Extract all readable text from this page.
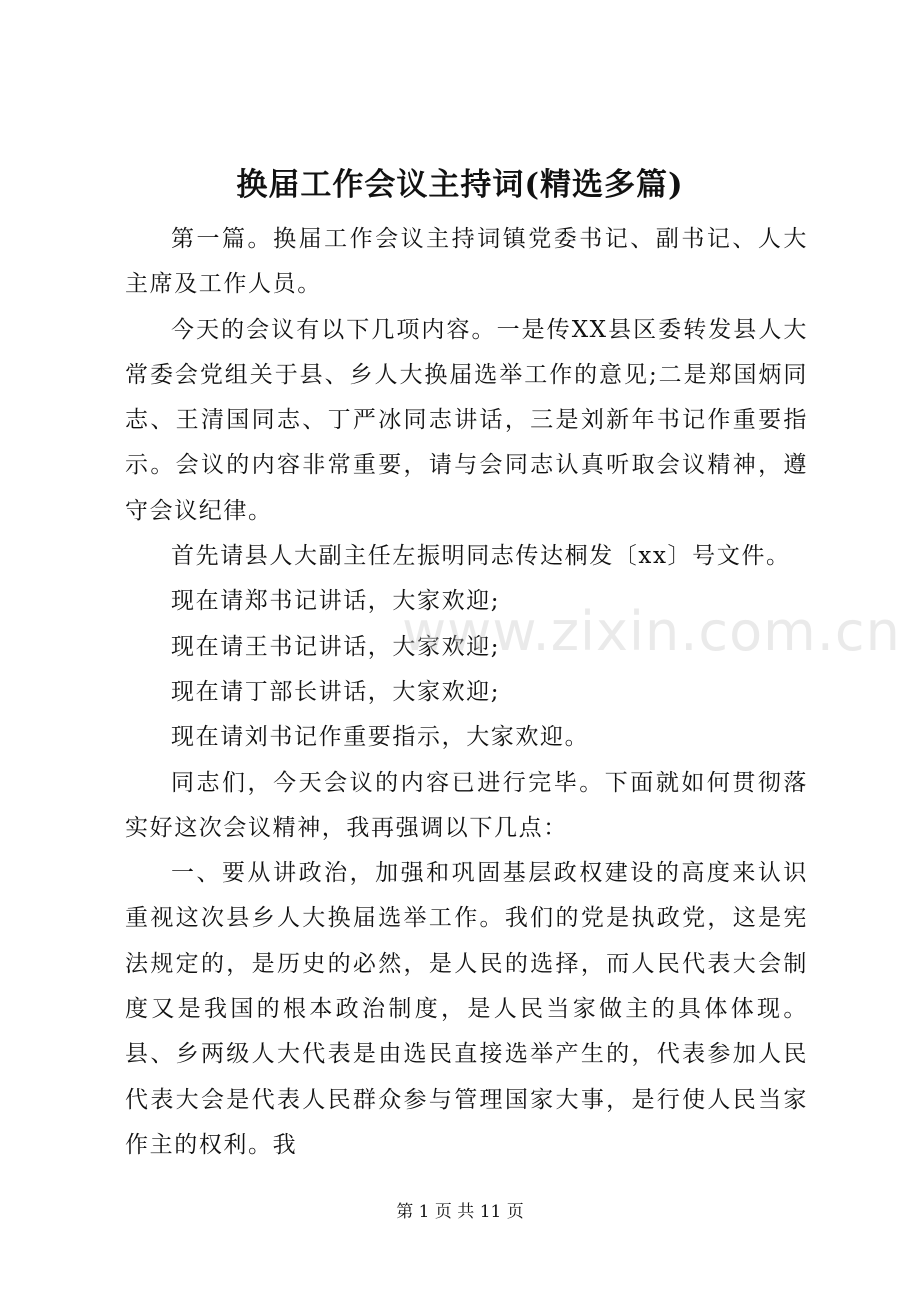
换届工作会议主持词(精选多篇)

第一篇。换届工作会议主持词镇党委书记、副书记、人大主席及工作人员。

今天的会议有以下几项内容。一是传XX县区委转发县人大常委会党组关于县、乡人大换届选举工作的意见;二是郑国炳同志、王清国同志、丁严冰同志讲话，三是刘新年书记作重要指示。会议的内容非常重要，请与会同志认真听取会议精神，遵守会议纪律。

首先请县人大副主任左振明同志传达桐发〔xx〕号文件。

现在请郑书记讲话，大家欢迎;

现在请王书记讲话，大家欢迎;

现在请丁部长讲话，大家欢迎;

现在请刘书记作重要指示，大家欢迎。

同志们，今天会议的内容已进行完毕。下面就如何贯彻落实好这次会议精神，我再强调以下几点：

一、要从讲政治，加强和巩固基层政权建设的高度来认识重视这次县乡人大换届选举工作。我们的党是执政党，这是宪法规定的，是历史的必然，是人民的选择，而人民代表大会制度又是我国的根本政治制度，是人民当家做主的具体体现。县、乡两级人大代表是由选民直接选举产生的，代表参加人民代表大会是代表人民群众参与管理国家大事，是行使人民当家作主的权利。我

www.zixin.com.cn
第 1 页 共 11 页
